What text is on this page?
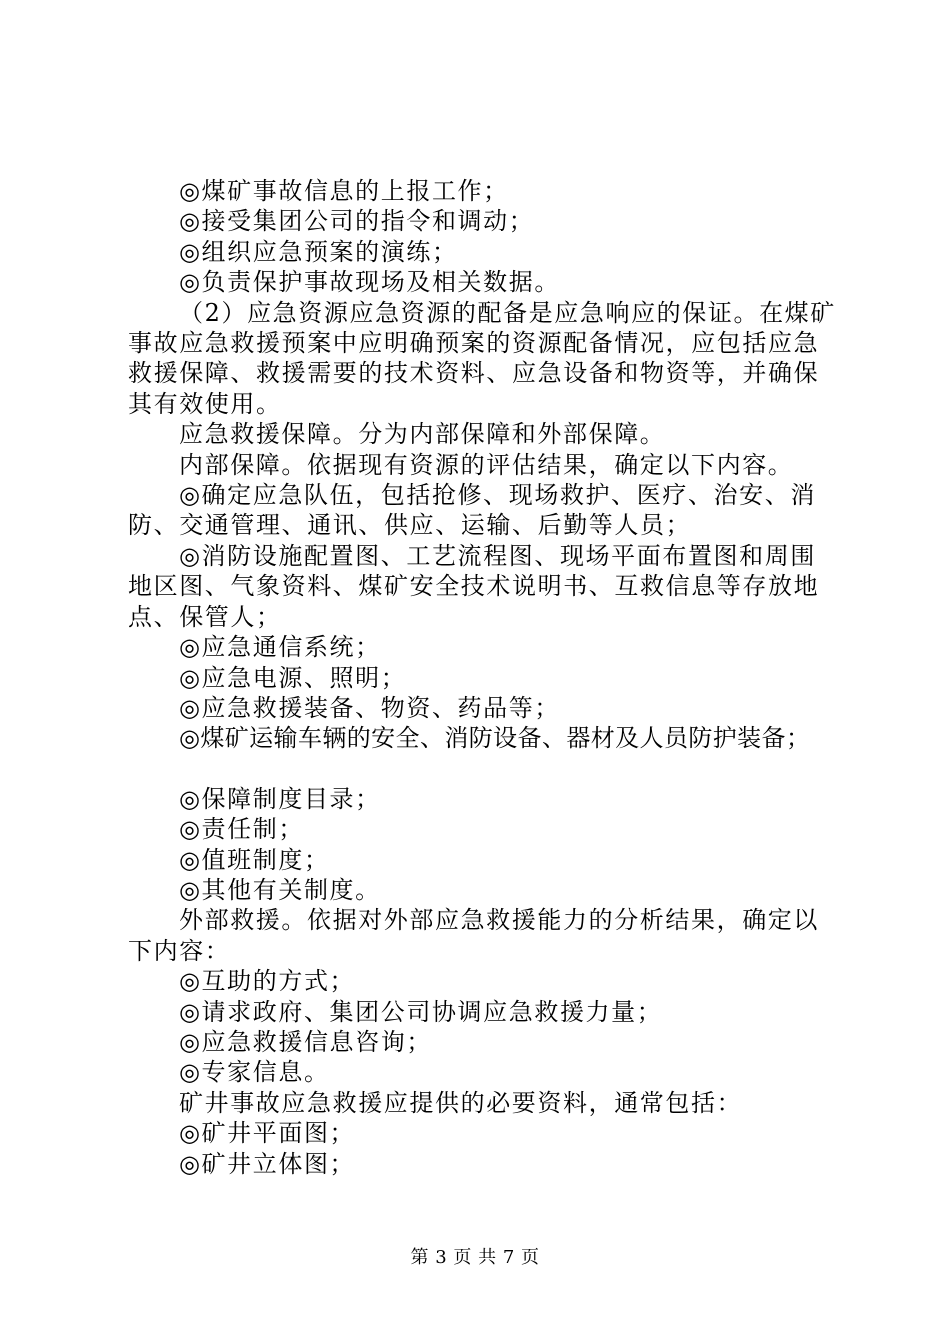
◎煤矿事故信息的上报工作；

◎接受集团公司的指令和调动；

◎组织应急预案的演练；

◎负责保护事故现场及相关数据。

（2）应急资源应急资源的配备是应急响应的保证。在煤矿事故应急救援预案中应明确预案的资源配备情况，应包括应急救援保障、救援需要的技术资料、应急设备和物资等，并确保其有效使用。

应急救援保障。分为内部保障和外部保障。

内部保障。依据现有资源的评估结果，确定以下内容。

◎确定应急队伍，包括抢修、现场救护、医疗、治安、消防、交通管理、通讯、供应、运输、后勤等人员；

◎消防设施配置图、工艺流程图、现场平面布置图和周围地区图、气象资料、煤矿安全技术说明书、互救信息等存放地点、保管人；

◎应急通信系统；

◎应急电源、照明；

◎应急救援装备、物资、药品等；

◎煤矿运输车辆的安全、消防设备、器材及人员防护装备；

◎保障制度目录；

◎责任制；

◎值班制度；

◎其他有关制度。

外部救援。依据对外部应急救援能力的分析结果，确定以下内容：

◎互助的方式；

◎请求政府、集团公司协调应急救援力量；

◎应急救援信息咨询；

◎专家信息。

矿井事故应急救援应提供的必要资料，通常包括：

◎矿井平面图；

◎矿井立体图；

第 3 页 共 7 页
